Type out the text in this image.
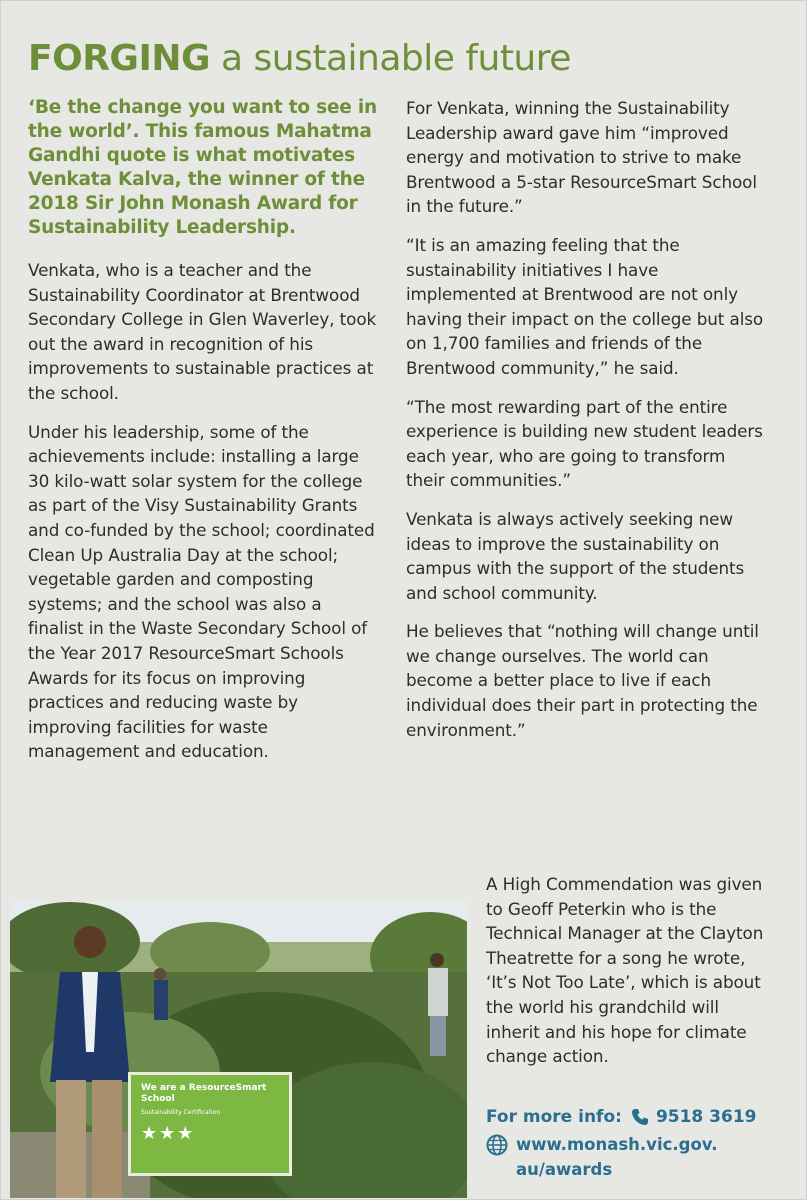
FORGING a sustainable future

‘Be the change you want to see in the world’. This famous Mahatma Gandhi quote is what motivates Venkata Kalva, the winner of the 2018 Sir John Monash Award for Sustainability Leadership.

Venkata, who is a teacher and the Sustainability Coordinator at Brentwood Secondary College in Glen Waverley, took out the award in recognition of his improvements to sustainable practices at the school.

Under his leadership, some of the achievements include: installing a large 30 kilo-watt solar system for the college as part of the Visy Sustainability Grants and co-funded by the school; coordinated Clean Up Australia Day at the school; vegetable garden and composting systems; and the school was also a finalist in the Waste Secondary School of the Year 2017 ResourceSmart Schools Awards for its focus on improving practices and reducing waste by improving facilities for waste management and education.

For Venkata, winning the Sustainability Leadership award gave him “improved energy and motivation to strive to make Brentwood a 5-star ResourceSmart School in the future.”

“It is an amazing feeling that the sustainability initiatives I have implemented at Brentwood are not only having their impact on the college but also on 1,700 families and friends of the Brentwood community,” he said.

“The most rewarding part of the entire experience is building new student leaders each year, who are going to transform their communities.”

Venkata is always actively seeking new ideas to improve the sustainability on campus with the support of the students and school community.

He believes that “nothing will change until we change ourselves. The world can become a better place to live if each individual does their part in protecting the environment.”

We are a ResourceSmart School
Sustainability Certification
★★★

A High Commendation was given to Geoff Peterkin who is the Technical Manager at the Clayton Theatrette for a song he wrote, ‘It’s Not Too Late’, which is about the world his grandchild will inherit and his hope for climate change action.

For more info: 9518 3619
www.monash.vic.gov.
au/awards
